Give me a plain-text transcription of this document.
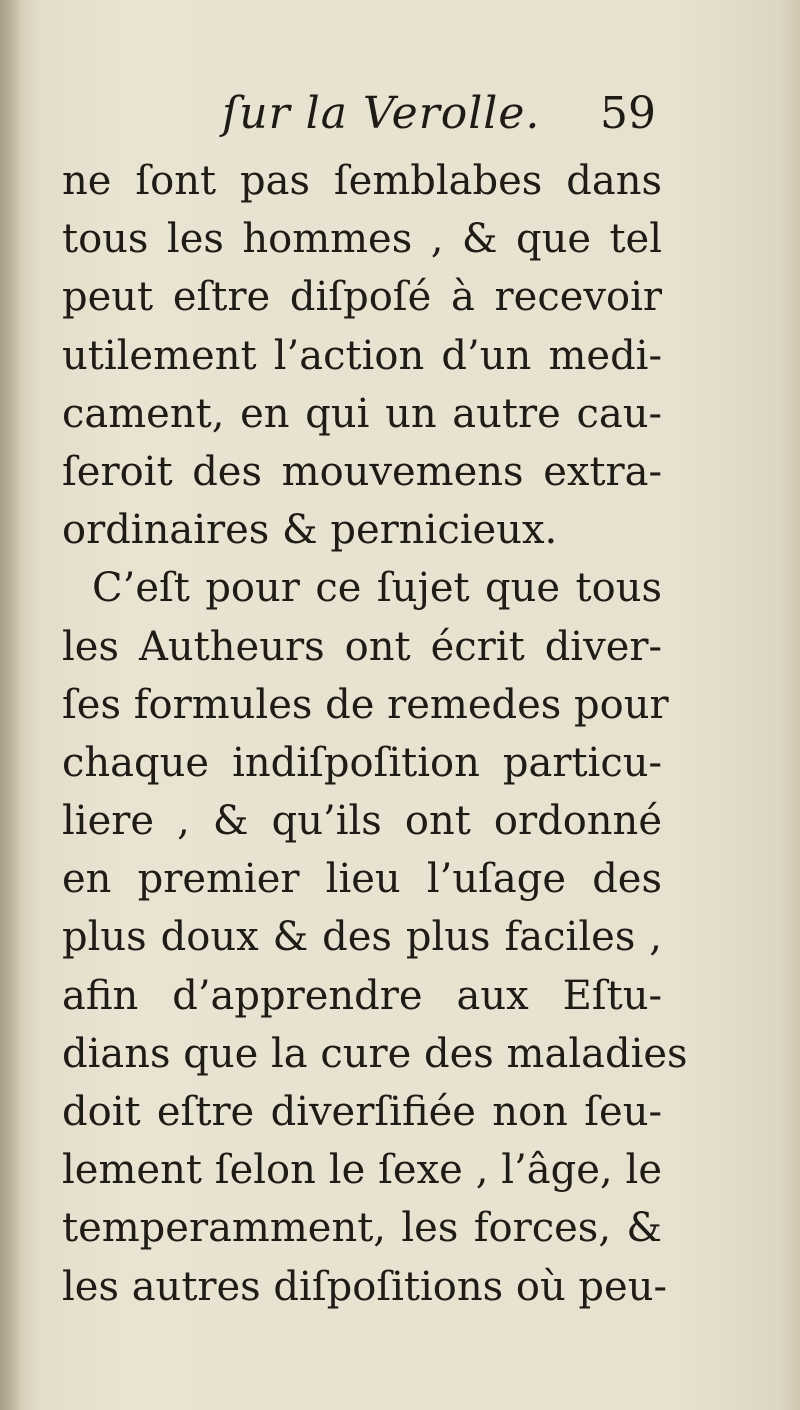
ſur la Verolle. 59
ne ſont pas ſemblabes dans
tous les hommes , & que tel
peut eſtre diſpoſé à recevoir
utilement l’action d’un medi-
cament, en qui un autre cau-
ſeroit des mouvemens extra-
ordinaires & pernicieux.
C’eſt pour ce ſujet que tous
les Autheurs ont écrit diver-
ſes formules de remedes pour
chaque indiſpoſition particu-
liere , & qu’ils ont ordonné
en premier lieu l’uſage des
plus doux & des plus faciles ,
afin d’apprendre aux Eſtu-
dians que la cure des maladies
doit eſtre diverſifiée non ſeu-
lement ſelon le ſexe , l’âge, le
temperamment, les forces, &
les autres diſpoſitions où peu-
